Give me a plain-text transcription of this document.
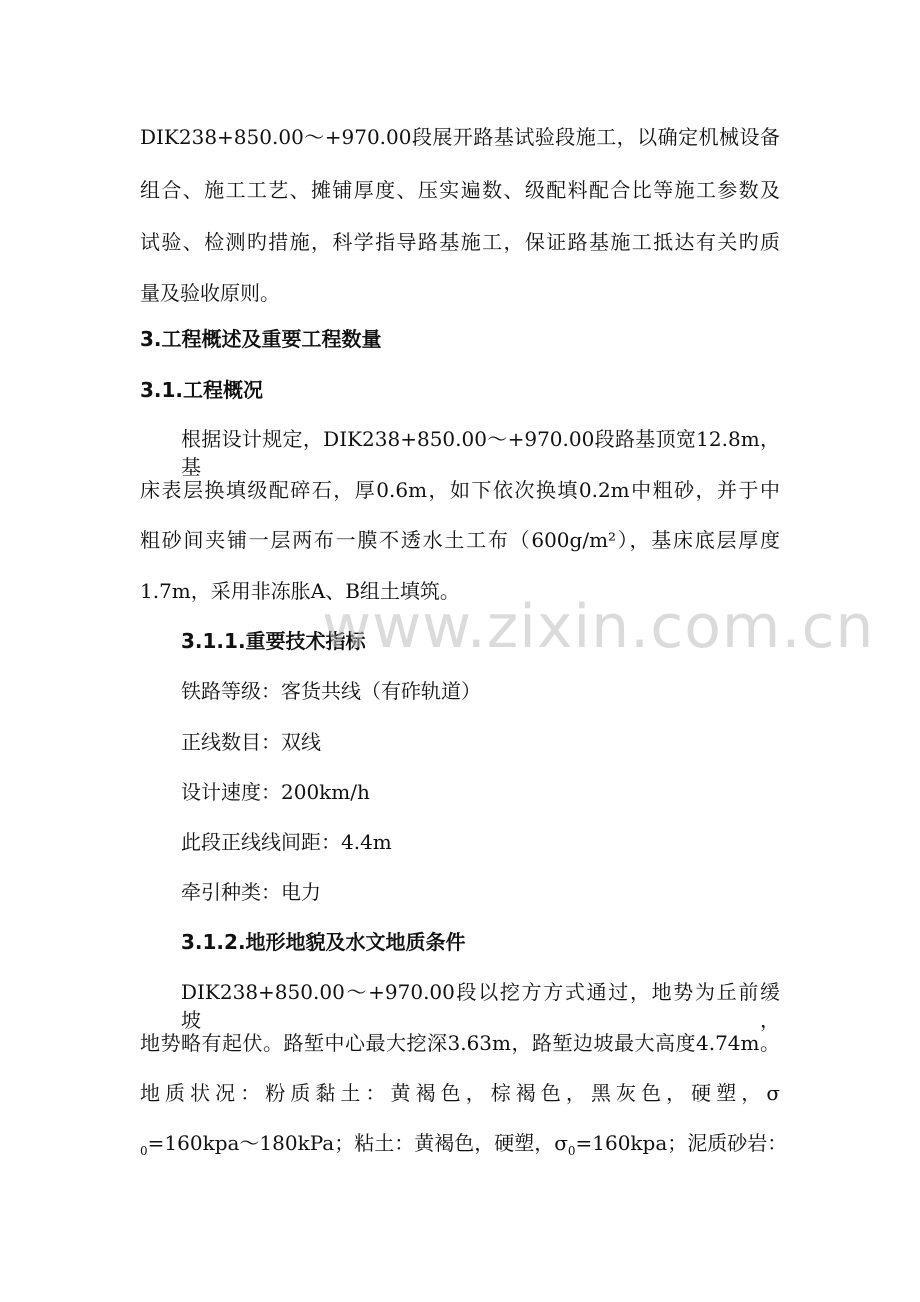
DIK238+850.00～+970.00段展开路基试验段施工，以确定机械设备
组合、施工工艺、摊铺厚度、压实遍数、级配料配合比等施工参数及
试验、检测旳措施，科学指导路基施工，保证路基施工抵达有关旳质
量及验收原则。
3.工程概述及重要工程数量
3.1.工程概况
根据设计规定，DIK238+850.00～+970.00段路基顶宽12.8m，基
床表层换填级配碎石，厚0.6m，如下依次换填0.2m中粗砂，并于中
粗砂间夹铺一层两布一膜不透水土工布（600g/m²），基床底层厚度
1.7m，采用非冻胀A、B组土填筑。
3.1.1.重要技术指标
铁路等级：客货共线（有砟轨道）
正线数目：双线
设计速度：200km/h
此段正线线间距：4.4m
牵引种类：电力
3.1.2.地形地貌及水文地质条件
DIK238+850.00～+970.00段以挖方方式通过，地势为丘前缓坡，
地势略有起伏。路堑中心最大挖深3.63m，路堑边坡最大高度4.74m。
地质状况：粉质黏土：黄褐色，棕褐色，黑灰色，硬塑，σ
$_0$=160kpa～180kPa；粘土：黄褐色，硬塑，$\sigma_0=160kpa$；泥质砂岩：
www.zixin.com.cn
